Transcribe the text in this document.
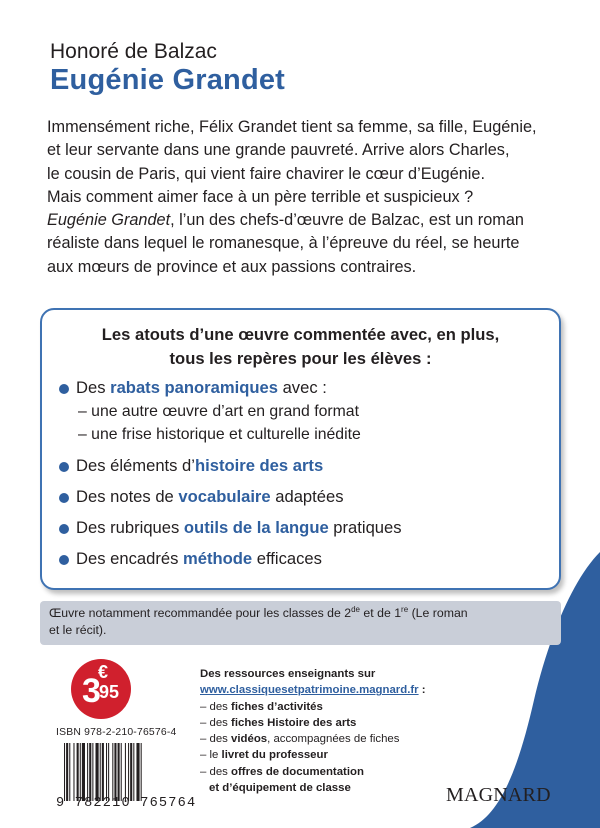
Honoré de Balzac
Eugénie Grandet
Immensément riche, Félix Grandet tient sa femme, sa fille, Eugénie,
et leur servante dans une grande pauvreté. Arrive alors Charles,
le cousin de Paris, qui vient faire chavirer le cœur d’Eugénie.
Mais comment aimer face à un père terrible et suspicieux ?
Eugénie Grandet, l’un des chefs-d’œuvre de Balzac, est un roman
réaliste dans lequel le romanesque, à l’épreuve du réel, se heurte
aux mœurs de province et aux passions contraires.
Les atouts d’une œuvre commentée avec, en plus,
tous les repères pour les élèves :
Des rabats panoramiques avec :
– une autre œuvre d’art en grand format
– une frise historique et culturelle inédite
Des éléments d’histoire des arts
Des notes de vocabulaire adaptées
Des rubriques outils de la langue pratiques
Des encadrés méthode efficaces
Œuvre notamment recommandée pour les classes de 2de et de 1re (Le roman
et le récit).
€
3 95
ISBN 978-2-210-76576-4
9 782210 765764
Des ressources enseignants sur
www.classiquesetpatrimoine.magnard.fr :
– des fiches d’activités
– des fiches Histoire des arts
– des vidéos, accompagnées de fiches
– le livret du professeur
– des offres de documentation
et d’équipement de classe	MAGNARD
